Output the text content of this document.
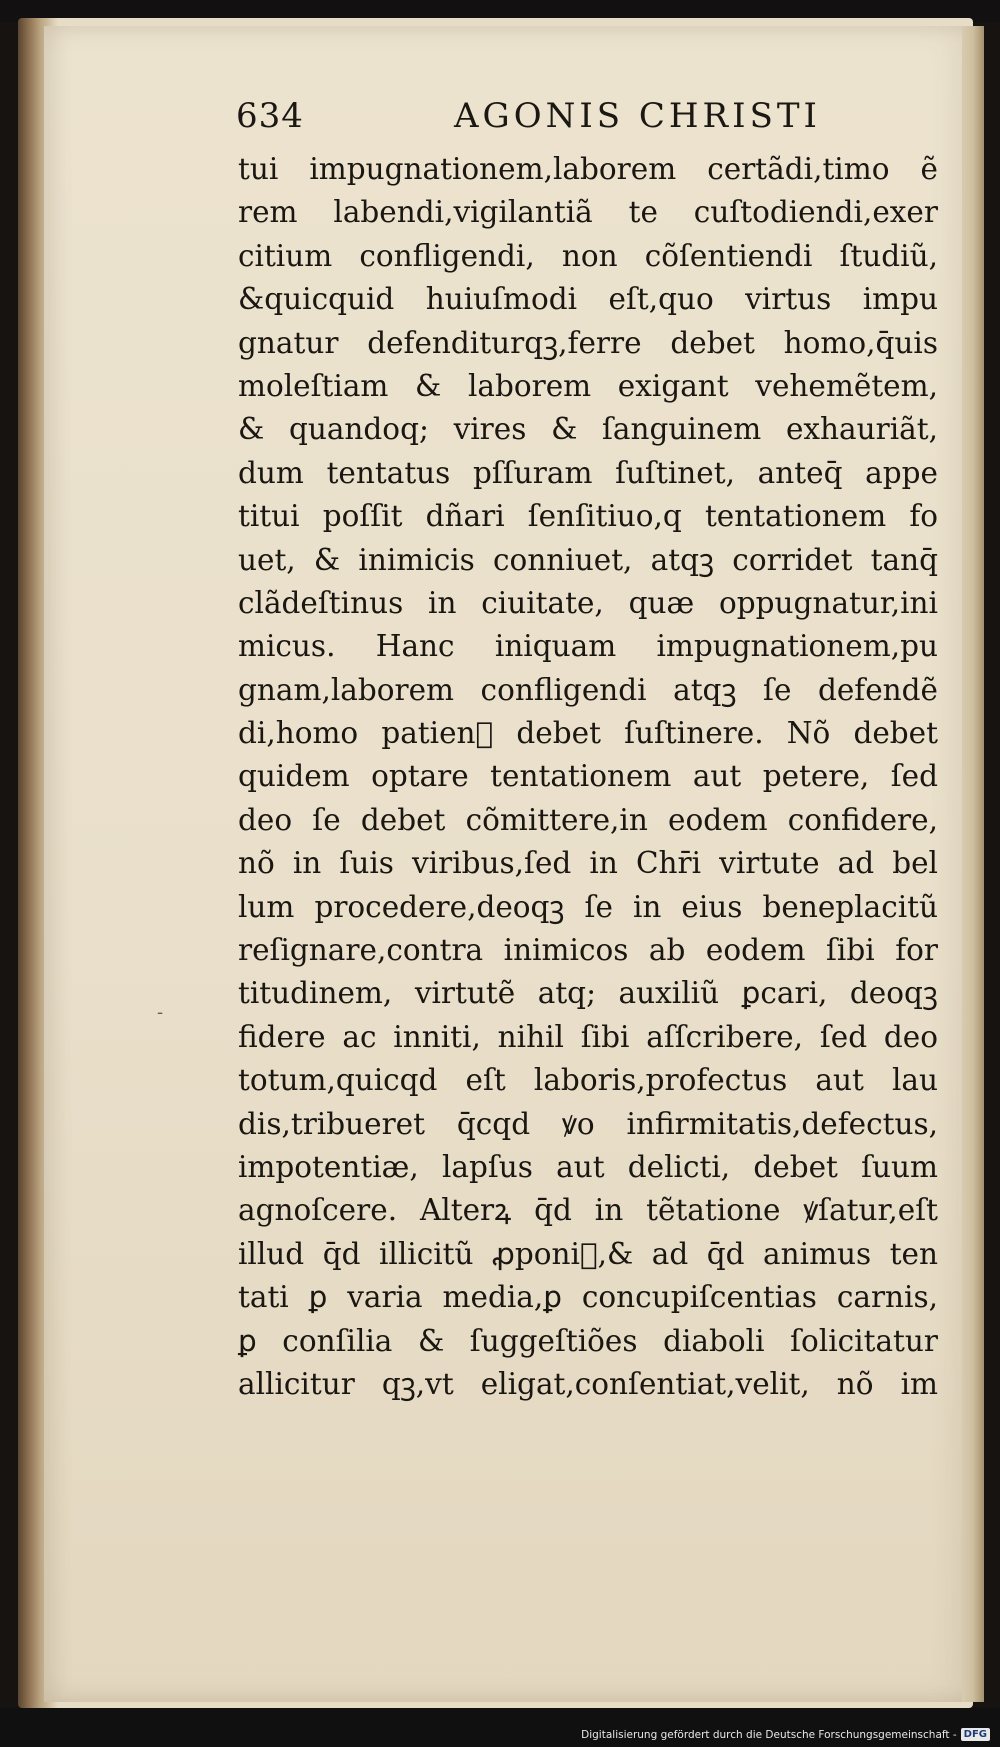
634	AGONIS CHRISTI
-
tui impugnationem,laborem certãdi,timo ẽ
rem labendi,vigilantiã te cuſtodiendi,exer
citium confligendi, non cõſentiendi ſtudiũ,
&quicquid huiuſmodi eſt,quo virtus impu
gnatur defenditurqꝫ,ferre debet homo,q̄uis
moleſtiam & laborem exigant vehemẽtem,
& quandoq; vires & ſanguinem exhauriãt,
dum tentatus pſſuram ſuſtinet, anteq̄ appe
titui poſſit dñari ſenſitiuo,q tentationem fo
uet, & inimicis conniuet, atqꝫ corridet tanq̄
clãdeſtinus in ciuitate, quæ oppugnatur,ini
micus. Hanc iniquam impugnationem,pu
gnam,laborem confligendi atqꝫ ſe defendẽ
di,homo patienᷣ debet ſuſtinere. Nõ debet
quidem optare tentationem aut petere, ſed
deo ſe debet cõmittere,in eodem confidere,
nõ in ſuis viribus,ſed in Chr̄i virtute ad bel
lum procedere,deoqꝫ ſe in eius beneplacitũ
reſignare,contra inimicos ab eodem ſibi for
titudinem, virtutẽ atq; auxiliũ ꝑcari, deoqꝫ
fidere ac inniti, nihil ſibi aſſcribere, ſed deo
totum,quicqd eſt laboris,profectus aut lau
dis,tribueret q̄cqd ꝟo infirmitatis,defectus,
impotentiæ, lapſus aut delicti, debet ſuum
agnoſcere. Alterꝝ q̄d in tẽtatione ꝟſatur,eſt
illud q̄d illicitũ ꝓponiᷣ,& ad q̄d animus ten
tati ꝑ varia media,ꝑ concupiſcentias carnis,
ꝑ conſilia & ſuggeſtiões diaboli ſolicitatur
allicitur qꝫ,vt eligat,conſentiat,velit, nõ im
Digitalisierung gefördert durch die Deutsche Forschungsgemeinschaft - DFG
